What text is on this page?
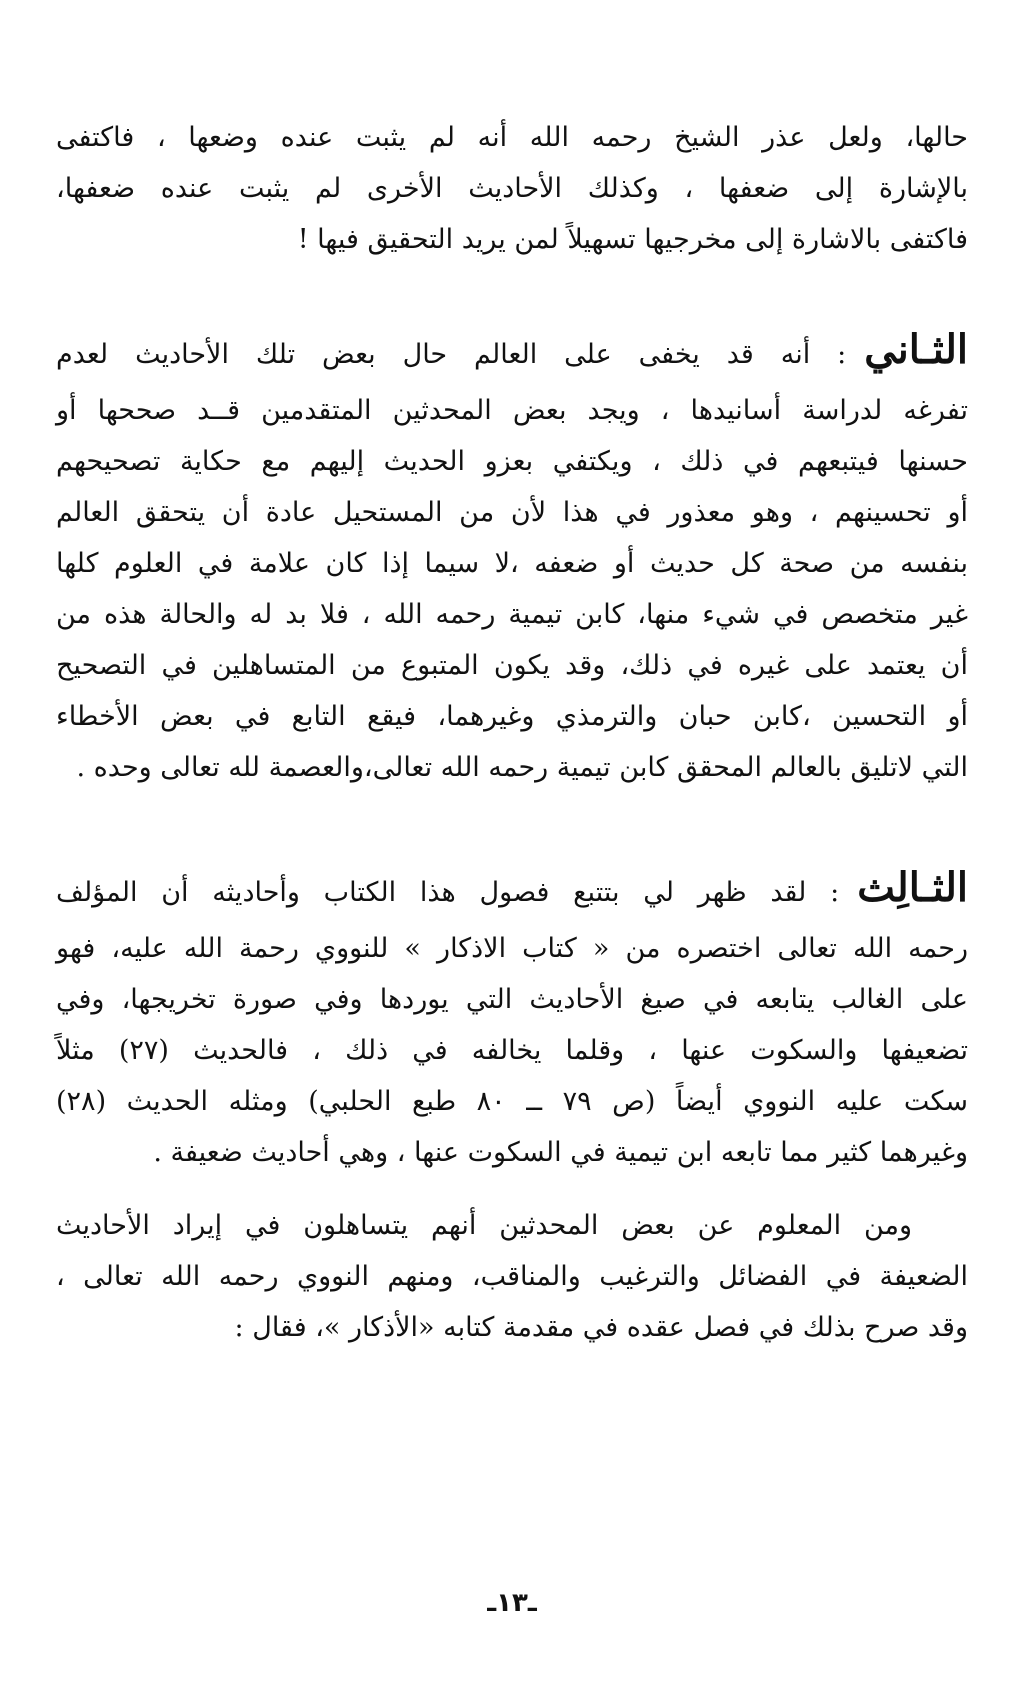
حالها، ولعل عذر الشيخ رحمه الله أنه لم يثبت عنده وضعها ، فاكتفى
بالإشارة إلى ضعفها ، وكذلك الأحاديث الأخرى لم يثبت عنده ضعفها،
فاكتفى بالاشارة إلى مخرجيها تسهيلاً لمن يريد التحقيق فيها !
الثـاني
: أنه قد يخفى على العالم حال بعض تلك الأحاديث لعدم
تفرغه لدراسة أسانيدها ، ويجد بعض المحدثين المتقدمين قــد صححها أو
حسنها فيتبعهم في ذلك ، ويكتفي بعزو الحديث إليهم مع حكاية تصحيحهم
أو تحسينهم ، وهو معذور في هذا لأن من المستحيل عادة أن يتحقق العالم
بنفسه من صحة كل حديث أو ضعفه ،لا سيما إذا كان علامة في العلوم كلها
غير متخصص في شيء منها، كابن تيمية رحمه الله ، فلا بد له والحالة هذه من
أن يعتمد على غيره في ذلك، وقد يكون المتبوع من المتساهلين في التصحيح
أو التحسين ،كابن حبان والترمذي وغيرهما، فيقع التابع في بعض الأخطاء
التي لاتليق بالعالم المحقق كابن تيمية رحمه الله تعالى،والعصمة لله تعالى وحده .
الثـالِث
: لقد ظهر لي بتتبع فصول هذا الكتاب وأحاديثه أن المؤلف
رحمه الله تعالى اختصره من « كتاب الاذكار » للنووي رحمة الله عليه، فهو
على الغالب يتابعه في صيغ الأحاديث التي يوردها وفي صورة تخريجها، وفي
تضعيفها والسكوت عنها ، وقلما يخالفه في ذلك ، فالحديث (٢٧) مثلاً
سكت عليه النووي أيضاً (ص ٧٩ ــ ٨٠ طبع الحلبي) ومثله الحديث (٢٨)
وغيرهما كثير مما تابعه ابن تيمية في السكوت عنها ، وهي أحاديث ضعيفة .
ومن المعلوم عن بعض المحدثين أنهم يتساهلون في إيراد الأحاديث
الضعيفة في الفضائل والترغيب والمناقب، ومنهم النووي رحمه الله تعالى ،
وقد صرح بذلك في فصل عقده في مقدمة كتابه «الأذكار »، فقال :
ـ١٣ـ
